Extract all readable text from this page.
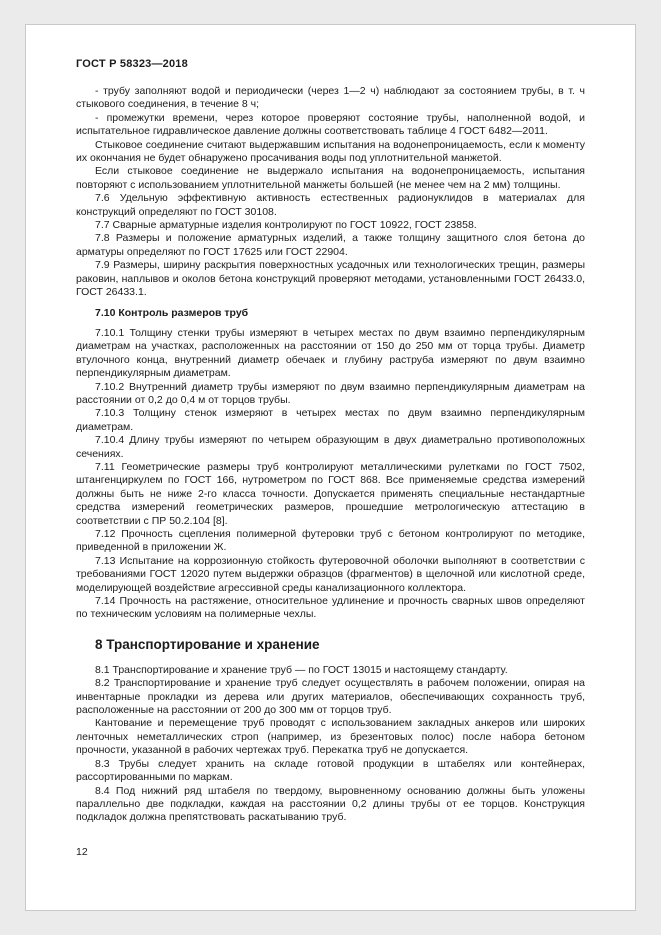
ГОСТ Р 58323—2018

- трубу заполняют водой и периодически (через 1—2 ч) наблюдают за состоянием трубы, в т. ч стыкового соединения, в течение 8 ч;

- промежутки времени, через которое проверяют состояние трубы, наполненной водой, и испытательное гидравлическое давление должны соответствовать таблице 4 ГОСТ 6482—2011.

Стыковое соединение считают выдержавшим испытания на водонепроницаемость, если к моменту их окончания не будет обнаружено просачивания воды под уплотнительной манжетой.

Если стыковое соединение не выдержало испытания на водонепроницаемость, испытания повторяют с использованием уплотнительной манжеты большей (не менее чем на 2 мм) толщины.

7.6 Удельную эффективную активность естественных радионуклидов в материалах для конструкций определяют по ГОСТ 30108.

7.7 Сварные арматурные изделия контролируют по ГОСТ 10922, ГОСТ 23858.

7.8 Размеры и положение арматурных изделий, а также толщину защитного слоя бетона до арматуры определяют по ГОСТ 17625 или ГОСТ 22904.

7.9 Размеры, ширину раскрытия поверхностных усадочных или технологических трещин, размеры раковин, наплывов и околов бетона конструкций проверяют методами, установленными ГОСТ 26433.0, ГОСТ 26433.1.

7.10 Контроль размеров труб

7.10.1 Толщину стенки трубы измеряют в четырех местах по двум взаимно перпендикулярным диаметрам на участках, расположенных на расстоянии от 150 до 250 мм от торца трубы. Диаметр втулочного конца, внутренний диаметр обечаек и глубину раструба измеряют по двум взаимно перпендикулярным диаметрам.

7.10.2 Внутренний диаметр трубы измеряют по двум взаимно перпендикулярным диаметрам на расстоянии от 0,2 до 0,4 м от торцов трубы.

7.10.3 Толщину стенок измеряют в четырех местах по двум взаимно перпендикулярным диаметрам.

7.10.4 Длину трубы измеряют по четырем образующим в двух диаметрально противоположных сечениях.

7.11 Геометрические размеры труб контролируют металлическими рулетками по ГОСТ 7502, штангенциркулем по ГОСТ 166, нутрометром по ГОСТ 868. Все применяемые средства измерений должны быть не ниже 2-го класса точности. Допускается применять специальные нестандартные средства измерений геометрических размеров, прошедшие метрологическую аттестацию в соответствии с ПР 50.2.104 [8].

7.12 Прочность сцепления полимерной футеровки труб с бетоном контролируют по методике, приведенной в приложении Ж.

7.13 Испытание на коррозионную стойкость футеровочной оболочки выполняют в соответствии с требованиями ГОСТ 12020 путем выдержки образцов (фрагментов) в щелочной или кислотной среде, моделирующей воздействие агрессивной среды канализационного коллектора.

7.14 Прочность на растяжение, относительное удлинение и прочность сварных швов определяют по техническим условиям на полимерные чехлы.

8 Транспортирование и хранение

8.1 Транспортирование и хранение труб — по ГОСТ 13015 и настоящему стандарту.

8.2 Транспортирование и хранение труб следует осуществлять в рабочем положении, опирая на инвентарные прокладки из дерева или других материалов, обеспечивающих сохранность труб, расположенные на расстоянии от 200 до 300 мм от торцов труб.

Кантование и перемещение труб проводят с использованием закладных анкеров или широких ленточных неметаллических строп (например, из брезентовых полос) после набора бетоном прочности, указанной в рабочих чертежах труб. Перекатка труб не допускается.

8.3 Трубы следует хранить на складе готовой продукции в штабелях или контейнерах, рассортированными по маркам.

8.4 Под нижний ряд штабеля по твердому, выровненному основанию должны быть уложены параллельно две подкладки, каждая на расстоянии 0,2 длины трубы от ее торцов. Конструкция подкладок должна препятствовать раскатыванию труб.

12
